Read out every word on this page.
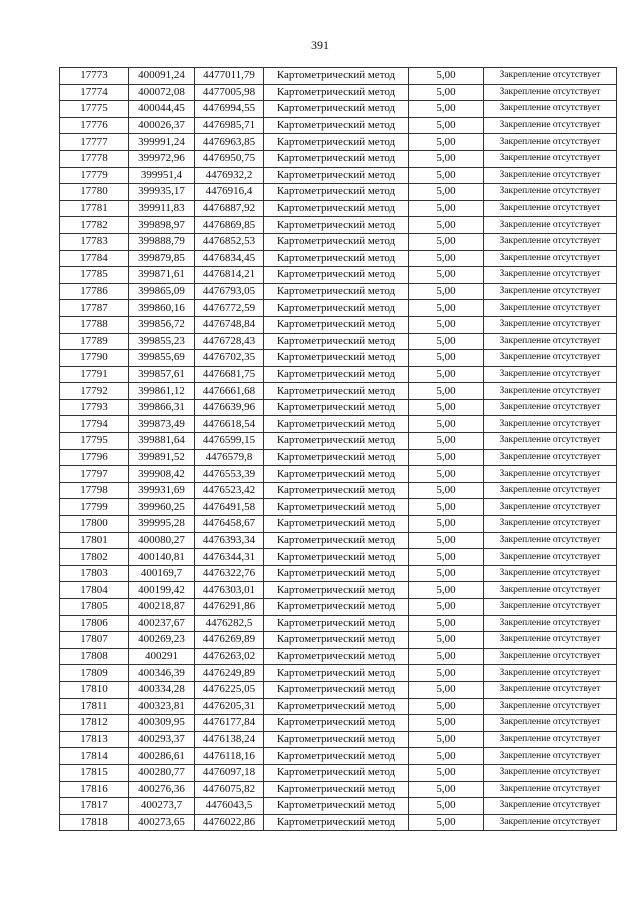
391
17773	400091,24	4477011,79	Картометрический метод	5,00	Закрепление отсутствует
17774	400072,08	4477005,98	Картометрический метод	5,00	Закрепление отсутствует
17775	400044,45	4476994,55	Картометрический метод	5,00	Закрепление отсутствует
17776	400026,37	4476985,71	Картометрический метод	5,00	Закрепление отсутствует
17777	399991,24	4476963,85	Картометрический метод	5,00	Закрепление отсутствует
17778	399972,96	4476950,75	Картометрический метод	5,00	Закрепление отсутствует
17779	399951,4	4476932,2	Картометрический метод	5,00	Закрепление отсутствует
17780	399935,17	4476916,4	Картометрический метод	5,00	Закрепление отсутствует
17781	399911,83	4476887,92	Картометрический метод	5,00	Закрепление отсутствует
17782	399898,97	4476869,85	Картометрический метод	5,00	Закрепление отсутствует
17783	399888,79	4476852,53	Картометрический метод	5,00	Закрепление отсутствует
17784	399879,85	4476834,45	Картометрический метод	5,00	Закрепление отсутствует
17785	399871,61	4476814,21	Картометрический метод	5,00	Закрепление отсутствует
17786	399865,09	4476793,05	Картометрический метод	5,00	Закрепление отсутствует
17787	399860,16	4476772,59	Картометрический метод	5,00	Закрепление отсутствует
17788	399856,72	4476748,84	Картометрический метод	5,00	Закрепление отсутствует
17789	399855,23	4476728,43	Картометрический метод	5,00	Закрепление отсутствует
17790	399855,69	4476702,35	Картометрический метод	5,00	Закрепление отсутствует
17791	399857,61	4476681,75	Картометрический метод	5,00	Закрепление отсутствует
17792	399861,12	4476661,68	Картометрический метод	5,00	Закрепление отсутствует
17793	399866,31	4476639,96	Картометрический метод	5,00	Закрепление отсутствует
17794	399873,49	4476618,54	Картометрический метод	5,00	Закрепление отсутствует
17795	399881,64	4476599,15	Картометрический метод	5,00	Закрепление отсутствует
17796	399891,52	4476579,8	Картометрический метод	5,00	Закрепление отсутствует
17797	399908,42	4476553,39	Картометрический метод	5,00	Закрепление отсутствует
17798	399931,69	4476523,42	Картометрический метод	5,00	Закрепление отсутствует
17799	399960,25	4476491,58	Картометрический метод	5,00	Закрепление отсутствует
17800	399995,28	4476458,67	Картометрический метод	5,00	Закрепление отсутствует
17801	400080,27	4476393,34	Картометрический метод	5,00	Закрепление отсутствует
17802	400140,81	4476344,31	Картометрический метод	5,00	Закрепление отсутствует
17803	400169,7	4476322,76	Картометрический метод	5,00	Закрепление отсутствует
17804	400199,42	4476303,01	Картометрический метод	5,00	Закрепление отсутствует
17805	400218,87	4476291,86	Картометрический метод	5,00	Закрепление отсутствует
17806	400237,67	4476282,5	Картометрический метод	5,00	Закрепление отсутствует
17807	400269,23	4476269,89	Картометрический метод	5,00	Закрепление отсутствует
17808	400291	4476263,02	Картометрический метод	5,00	Закрепление отсутствует
17809	400346,39	4476249,89	Картометрический метод	5,00	Закрепление отсутствует
17810	400334,28	4476225,05	Картометрический метод	5,00	Закрепление отсутствует
17811	400323,81	4476205,31	Картометрический метод	5,00	Закрепление отсутствует
17812	400309,95	4476177,84	Картометрический метод	5,00	Закрепление отсутствует
17813	400293,37	4476138,24	Картометрический метод	5,00	Закрепление отсутствует
17814	400286,61	4476118,16	Картометрический метод	5,00	Закрепление отсутствует
17815	400280,77	4476097,18	Картометрический метод	5,00	Закрепление отсутствует
17816	400276,36	4476075,82	Картометрический метод	5,00	Закрепление отсутствует
17817	400273,7	4476043,5	Картометрический метод	5,00	Закрепление отсутствует
17818	400273,65	4476022,86	Картометрический метод	5,00	Закрепление отсутствует
